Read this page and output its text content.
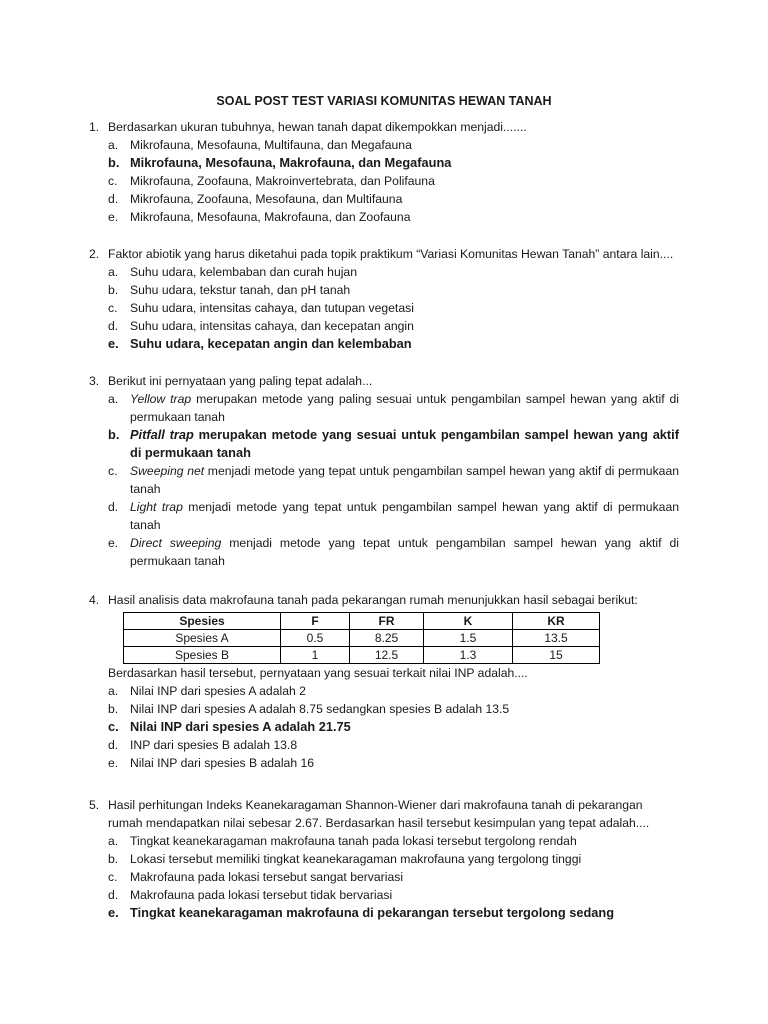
SOAL POST TEST VARIASI KOMUNITAS HEWAN TANAH
1. Berdasarkan ukuran tubuhnya, hewan tanah dapat dikempokkan menjadi.......
a. Mikrofauna, Mesofauna, Multifauna, dan Megafauna
b. Mikrofauna, Mesofauna, Makrofauna, dan Megafauna
c.	Mikrofauna, Zoofauna, Makroinvertebrata, dan Polifauna
d. Mikrofauna, Zoofauna, Mesofauna, dan Multifauna
e. Mikrofauna, Mesofauna, Makrofauna, dan Zoofauna
2. Faktor abiotik yang harus diketahui pada topik praktikum “Variasi Komunitas Hewan Tanah” antara lain....
a. Suhu udara, kelembaban dan curah hujan
b. Suhu udara, tekstur tanah, dan pH tanah
c.	Suhu udara, intensitas cahaya, dan tutupan vegetasi
d. Suhu udara, intensitas cahaya, dan kecepatan angin
e. Suhu udara, kecepatan angin dan kelembaban
3. Berikut ini pernyataan yang paling tepat adalah...
a. Yellow trap merupakan metode yang paling sesuai untuk pengambilan sampel hewan yang aktif di permukaan tanah
b. Pitfall trap merupakan metode yang sesuai untuk pengambilan sampel hewan yang aktif di permukaan tanah
c.	Sweeping net menjadi metode yang tepat untuk pengambilan sampel hewan yang aktif di permukaan tanah
d. Light trap menjadi metode yang tepat untuk pengambilan sampel hewan yang aktif di permukaan tanah
e. Direct sweeping menjadi metode yang tepat untuk pengambilan sampel hewan yang aktif di permukaan tanah
4. Hasil analisis data makrofauna tanah pada pekarangan rumah menunjukkan hasil sebagai berikut:
Spesies	F	FR	K	KR
Spesies A	0.5	8.25	1.5	13.5
Spesies B	1	12.5	1.3	15
Berdasarkan hasil tersebut, pernyataan yang sesuai terkait nilai INP adalah....
a. Nilai INP dari spesies A adalah 2
b. Nilai INP dari spesies A adalah 8.75 sedangkan spesies B adalah 13.5
c. Nilai INP dari spesies A adalah 21.75
d. INP dari spesies B adalah 13.8
e. Nilai INP dari spesies B adalah 16
5. Hasil perhitungan Indeks Keanekaragaman Shannon-Wiener dari makrofauna tanah di pekarangan rumah mendapatkan nilai sebesar 2.67. Berdasarkan hasil tersebut kesimpulan yang tepat adalah....
a. Tingkat keanekaragaman makrofauna tanah pada lokasi tersebut tergolong rendah
b. Lokasi tersebut memiliki tingkat keanekaragaman makrofauna yang tergolong tinggi
c.	Makrofauna pada lokasi tersebut sangat bervariasi
d. Makrofauna pada lokasi tersebut tidak bervariasi
e. Tingkat keanekaragaman makrofauna di pekarangan tersebut tergolong sedang
